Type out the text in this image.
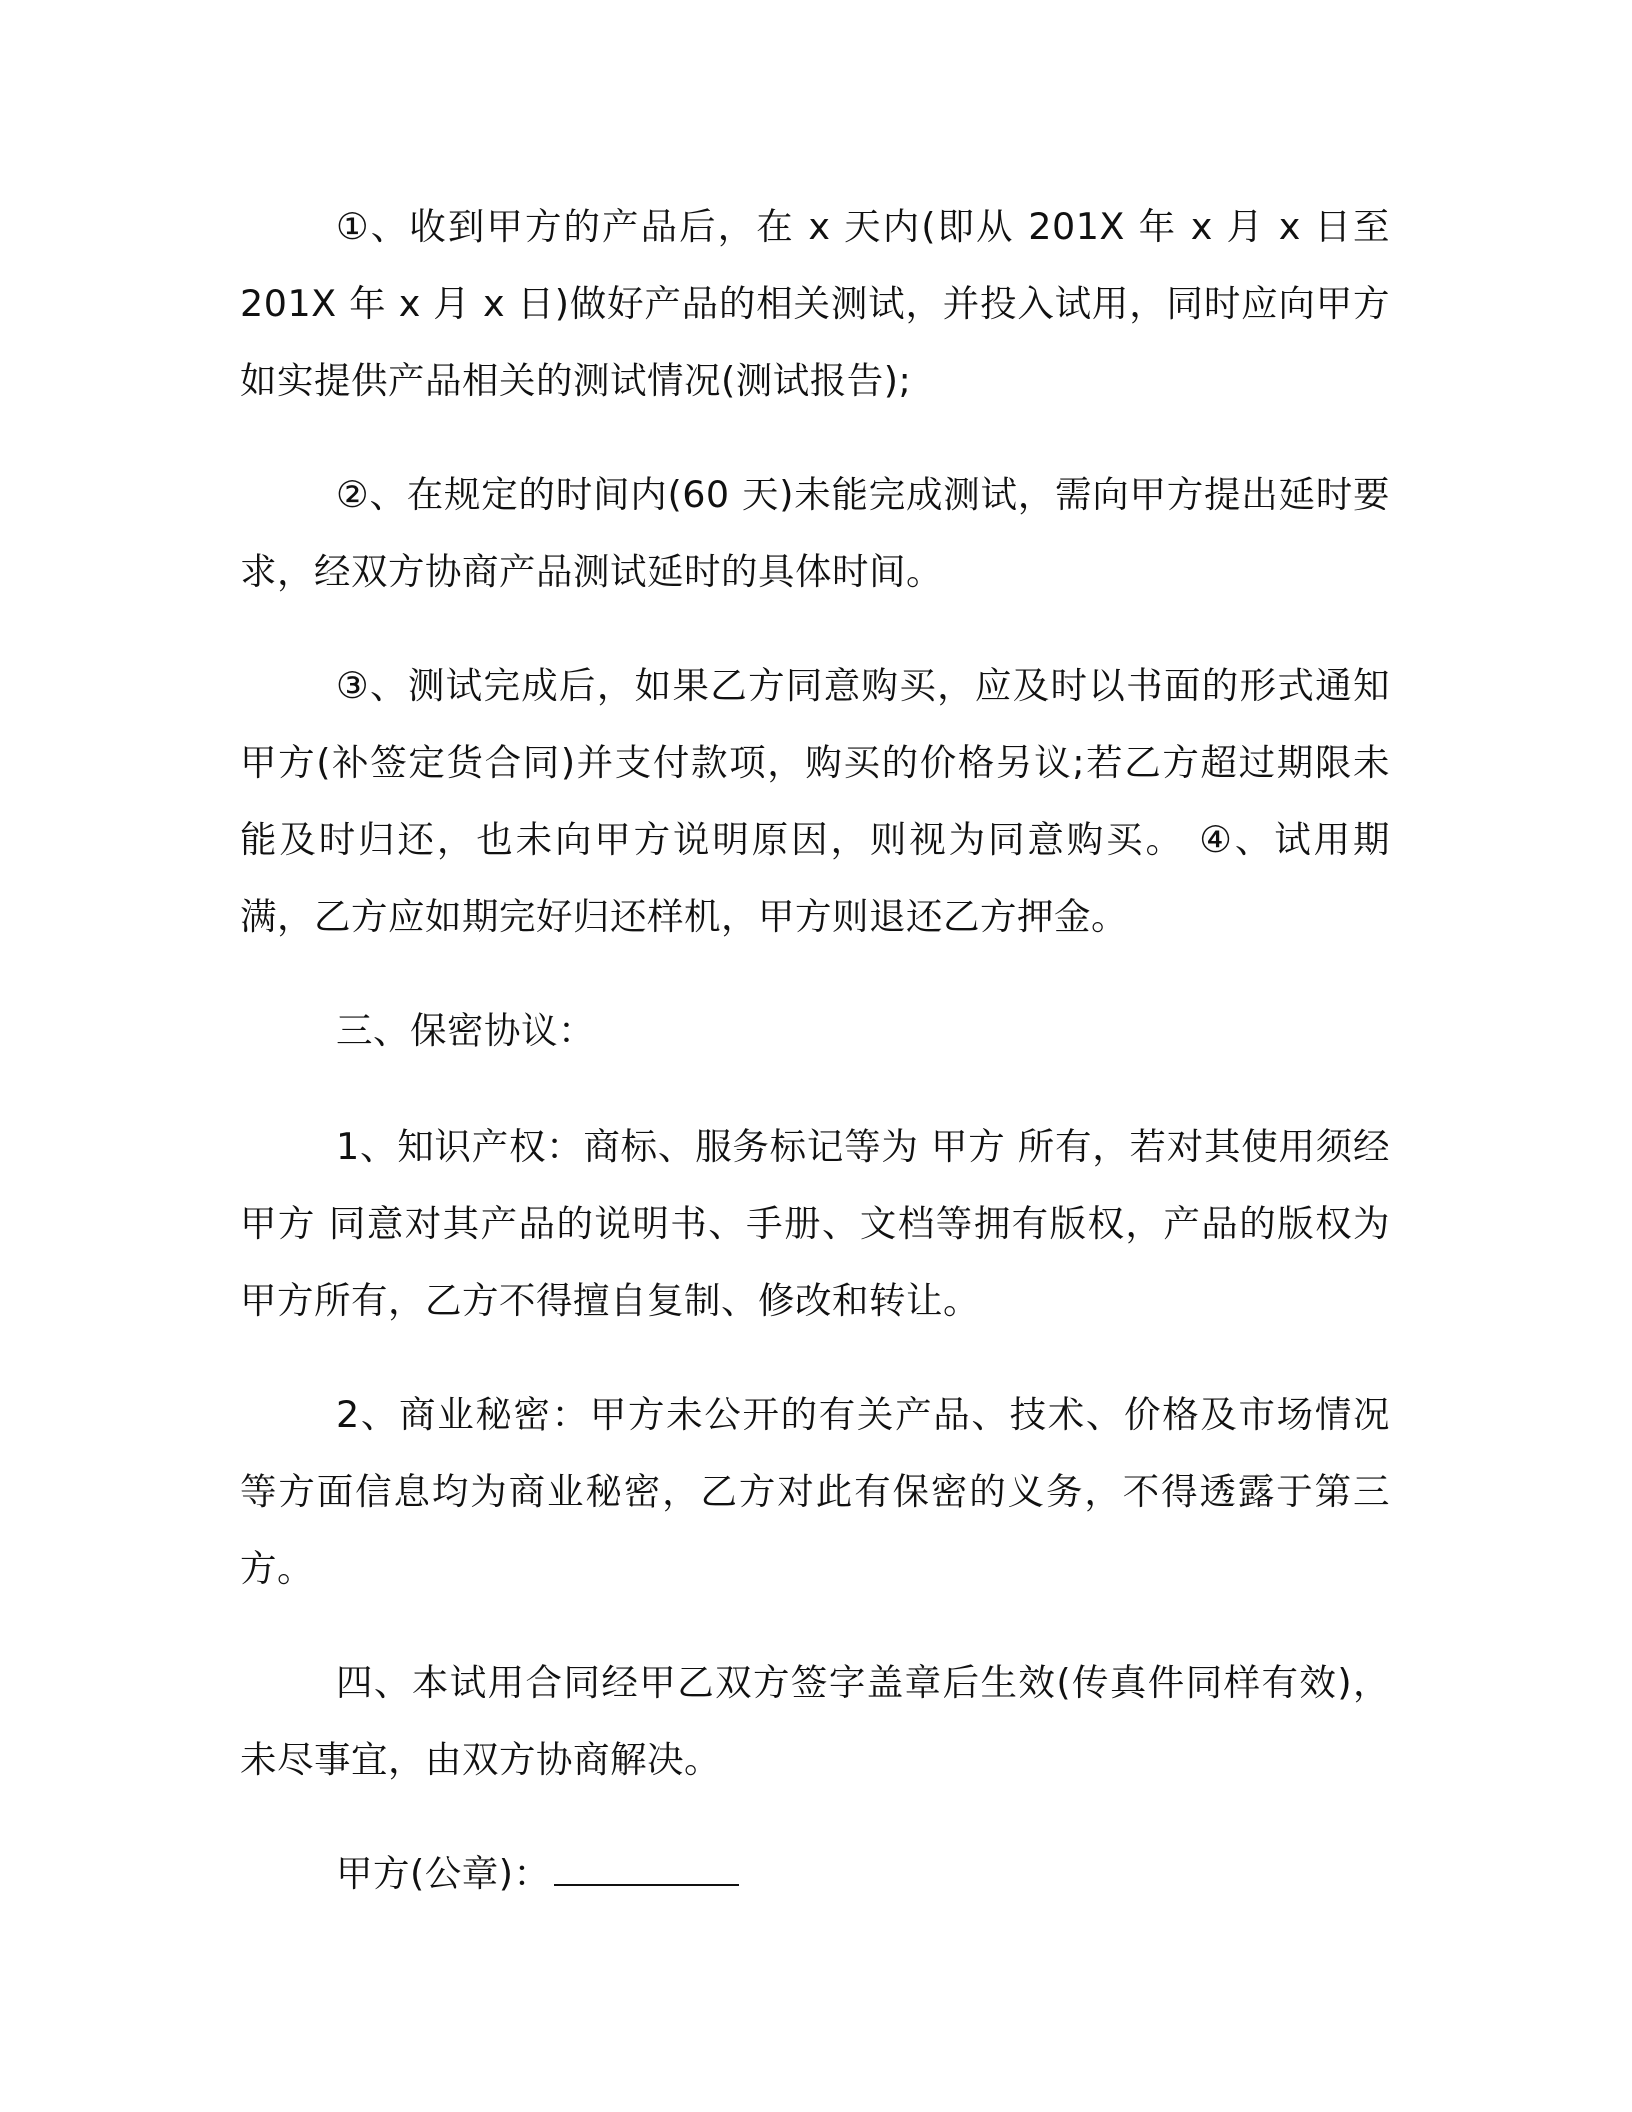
①、收到甲方的产品后，在 x 天内(即从 201X 年 x 月 x 日至 201X 年 x 月 x 日)做好产品的相关测试，并投入试用，同时应向甲方如实提供产品相关的测试情况(测试报告);

②、在规定的时间内(60 天)未能完成测试，需向甲方提出延时要求，经双方协商产品测试延时的具体时间。

③、测试完成后，如果乙方同意购买，应及时以书面的形式通知甲方(补签定货合同)并支付款项，购买的价格另议;若乙方超过期限未能及时归还，也未向甲方说明原因，则视为同意购买。 ④、试用期满，乙方应如期完好归还样机，甲方则退还乙方押金。

三、保密协议：

1、知识产权：商标、服务标记等为 甲方 所有，若对其使用须经甲方 同意对其产品的说明书、手册、文档等拥有版权，产品的版权为甲方所有，乙方不得擅自复制、修改和转让。

2、商业秘密：甲方未公开的有关产品、技术、价格及市场情况等方面信息均为商业秘密，乙方对此有保密的义务，不得透露于第三方。

四、本试用合同经甲乙双方签字盖章后生效(传真件同样有效)，未尽事宜，由双方协商解决。

甲方(公章)：
